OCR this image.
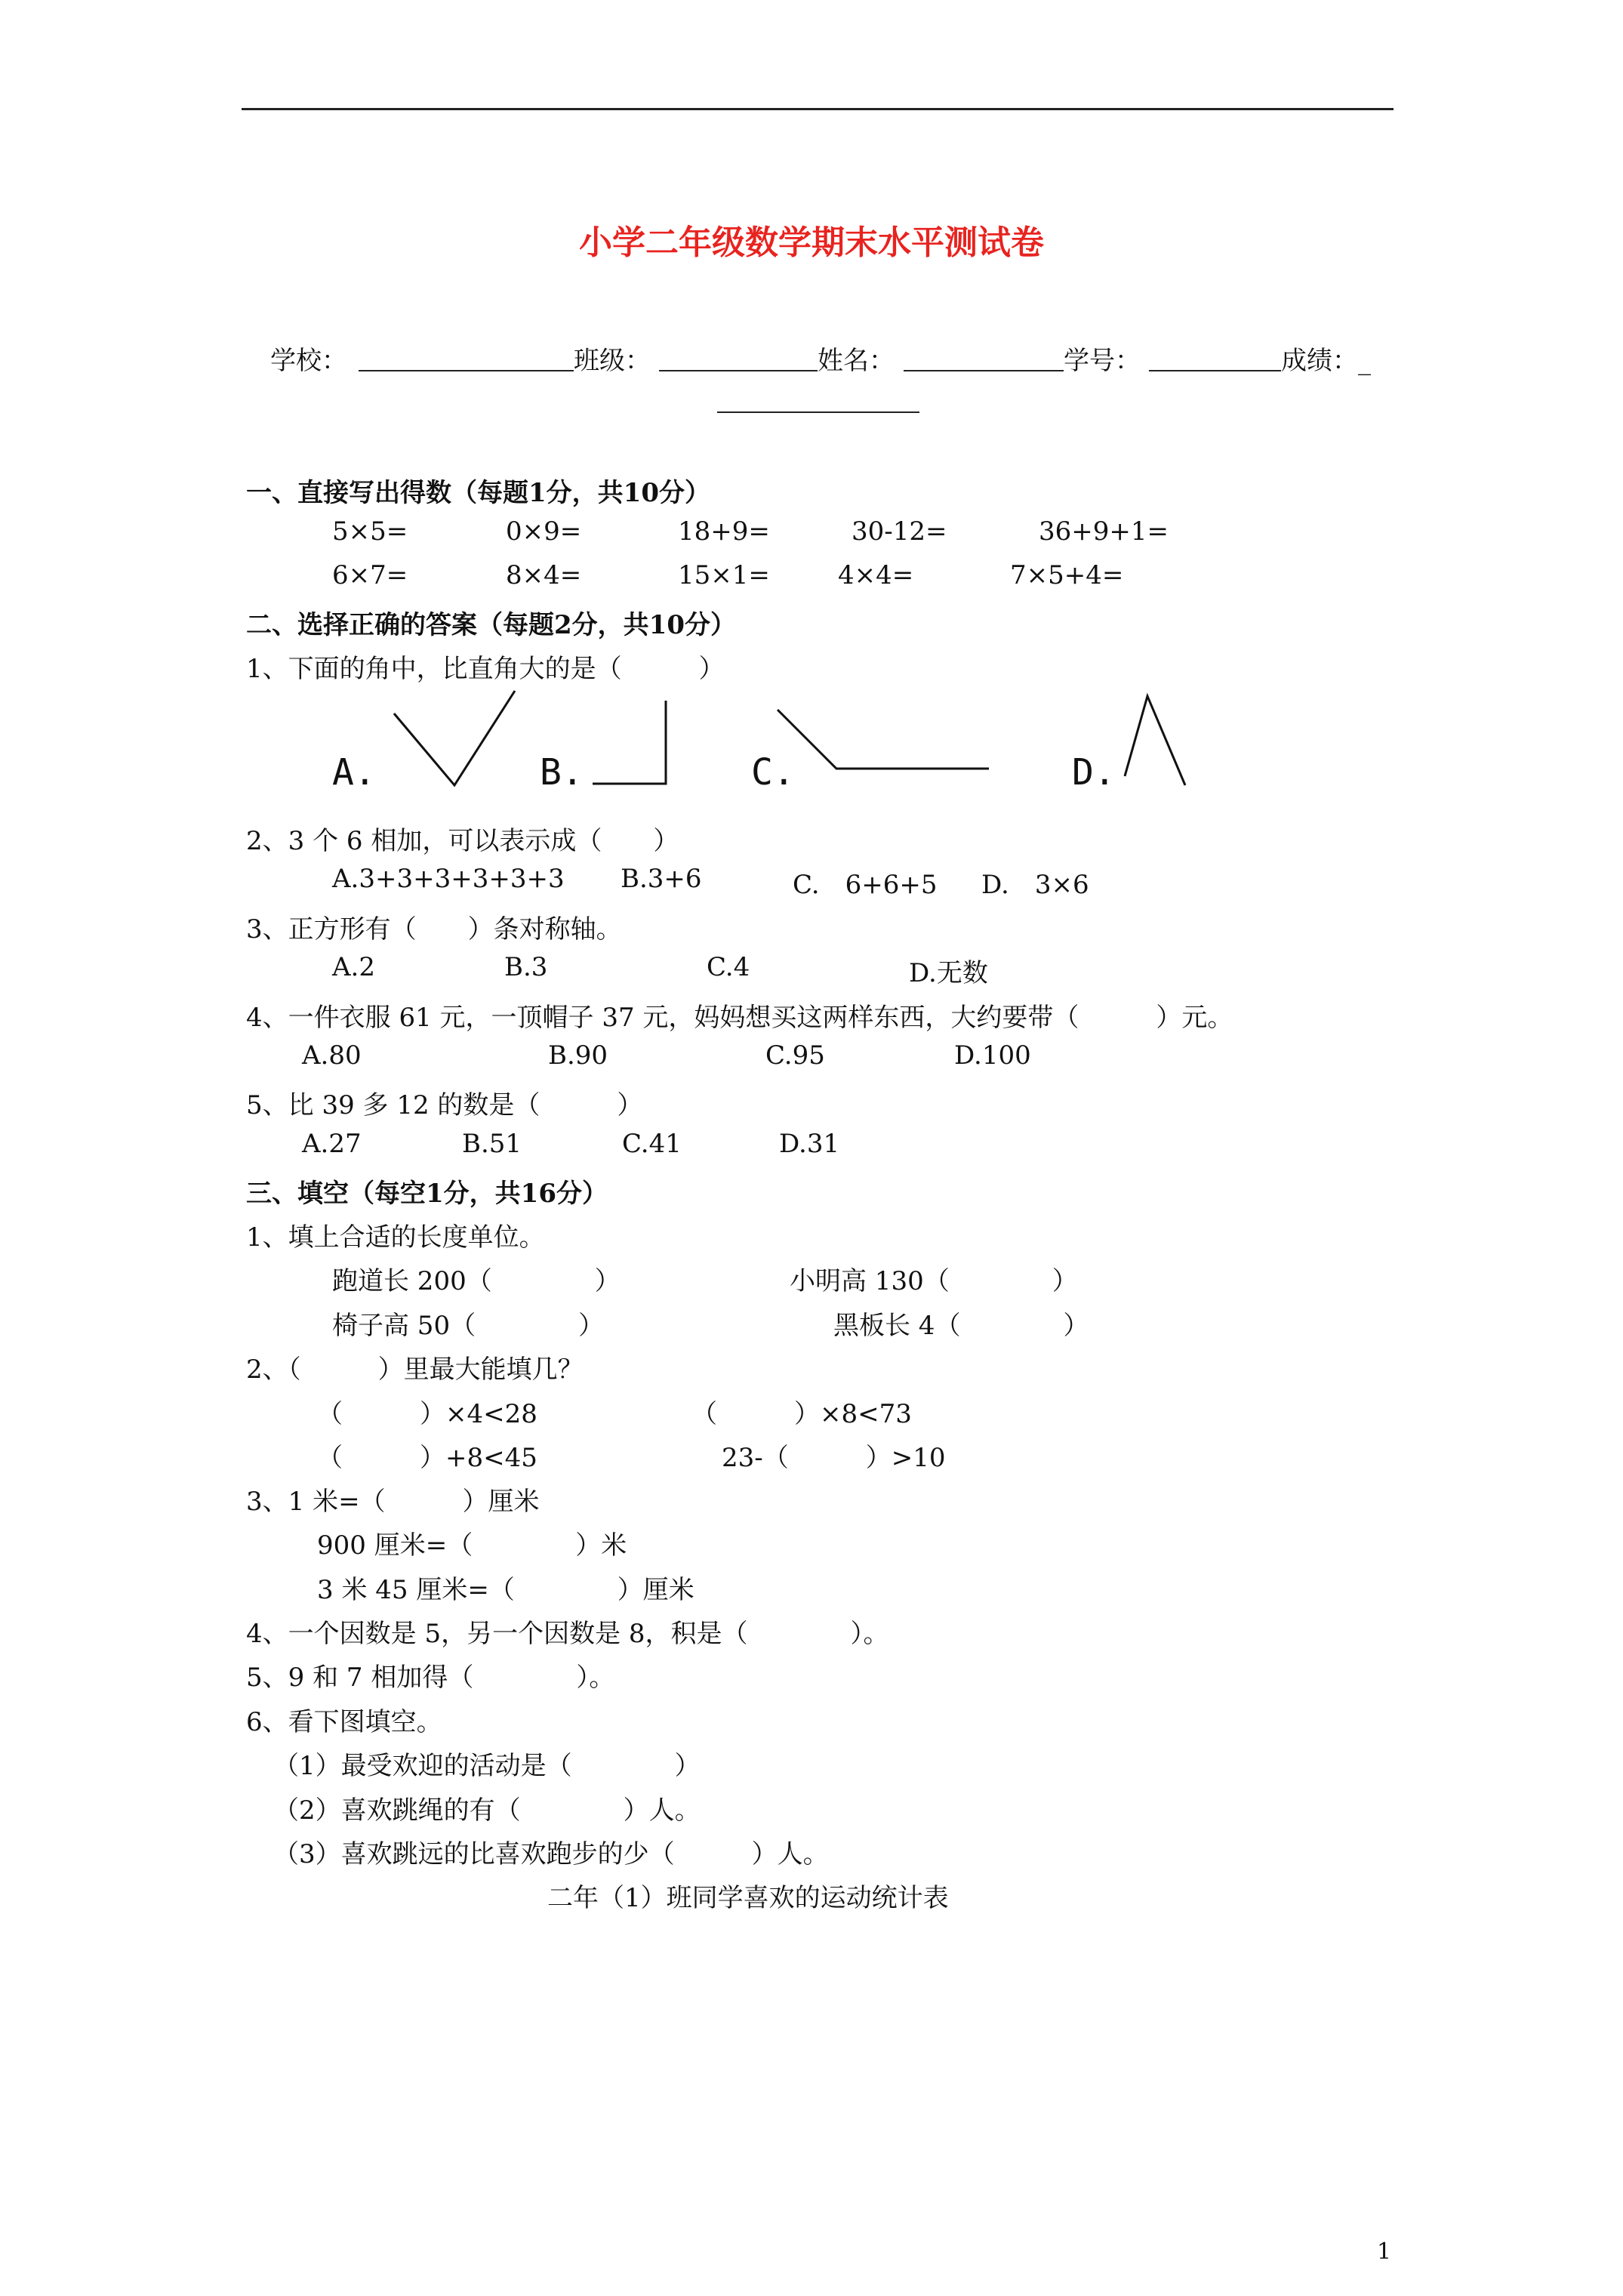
小学二年级数学期末水平测试卷
学校：	班级：	姓名：	学号：	成绩：_
一、直接写出得数（每题1分，共10分）
5×5=	0×9=	18+9=	30-12=	36+9+1=
6×7=	8×4=	15×1=	4×4=	7×5+4=
二、选择正确的答案（每题2分，共10分）
1、下面的角中，比直角大的是（　　　）
A.	B.	C.	D.
2、3 个 6 相加，可以表示成（　　）
A.3+3+3+3+3+3 B.3+6	C.　6+6+5 D.　3×6
3、正方形有（　　）条对称轴。
A.2	B.3	C.4	D.无数
4、一件衣服 61 元，一顶帽子 37 元，妈妈想买这两样东西，大约要带（　　　）元。
A.80	B.90	C.95	D.100
5、比 39 多 12 的数是（　　　）
A.27	B.51	C.41	D.31
三、填空（每空1分，共16分）
1、填上合适的长度单位。
跑道长 200（　　　　）	小明高 130（　　　　）
椅子高 50（　　　　）	黑板长 4（　　　　）
2、（　　　）里最大能填几？
（　　　）×4<28	（　　　）×8<73
（　　　）+8<45	23-（　　　）>10
3、1 米=（　　　）厘米
900 厘米=（　　　　）米
3 米 45 厘米=（　　　　）厘米
4、一个因数是 5，另一个因数是 8，积是（　　　　）。
5、9 和 7 相加得（　　　　）。
6、看下图填空。
（1）最受欢迎的活动是（　　　　）
（2）喜欢跳绳的有（　　　　）人。
（3）喜欢跳远的比喜欢跑步的少（　　　）人。
二年（1）班同学喜欢的运动统计表
1
